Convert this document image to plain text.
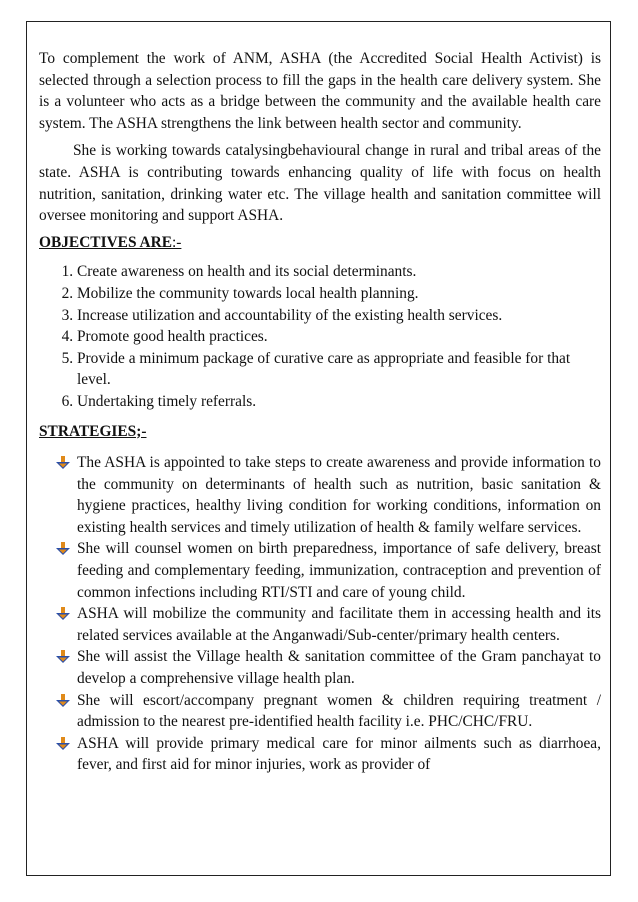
To complement the work of ANM, ASHA (the Accredited Social Health Activist) is selected through a selection process to fill the gaps in the health care delivery system. She is a volunteer who acts as a bridge between the community and the available health care system. The ASHA strengthens the link between health sector and community.

She is working towards catalysingbehavioural change in rural and tribal areas of the state. ASHA is contributing towards enhancing quality of life with focus on health nutrition, sanitation, drinking water etc. The village health and sanitation committee will oversee monitoring and support ASHA.

OBJECTIVES ARE:-

1. Create awareness on health and its social determinants.
2. Mobilize the community towards local health planning.
3. Increase utilization and accountability of the existing health services.
4. Promote good health practices.
5. Provide a minimum package of curative care as appropriate and feasible for that level.
6. Undertaking timely referrals.

STRATEGIES;-

The ASHA is appointed to take steps to create awareness and provide information to the community on determinants of health such as nutrition, basic sanitation & hygiene practices, healthy living condition for working conditions, information on existing health services and timely utilization of health & family welfare services.
She will counsel women on birth preparedness, importance of safe delivery, breast feeding and complementary feeding, immunization, contraception and prevention of common infections including RTI/STI and care of young child.
ASHA will mobilize the community and facilitate them in accessing health and its related services available at the Anganwadi/Sub-center/primary health centers.
She will assist the Village health & sanitation committee of the Gram panchayat to develop a comprehensive village health plan.
She will escort/accompany pregnant women & children requiring treatment / admission to the nearest pre-identified health facility i.e. PHC/CHC/FRU.
ASHA will provide primary medical care for minor ailments such as diarrhoea, fever, and first aid for minor injuries, work as provider of
